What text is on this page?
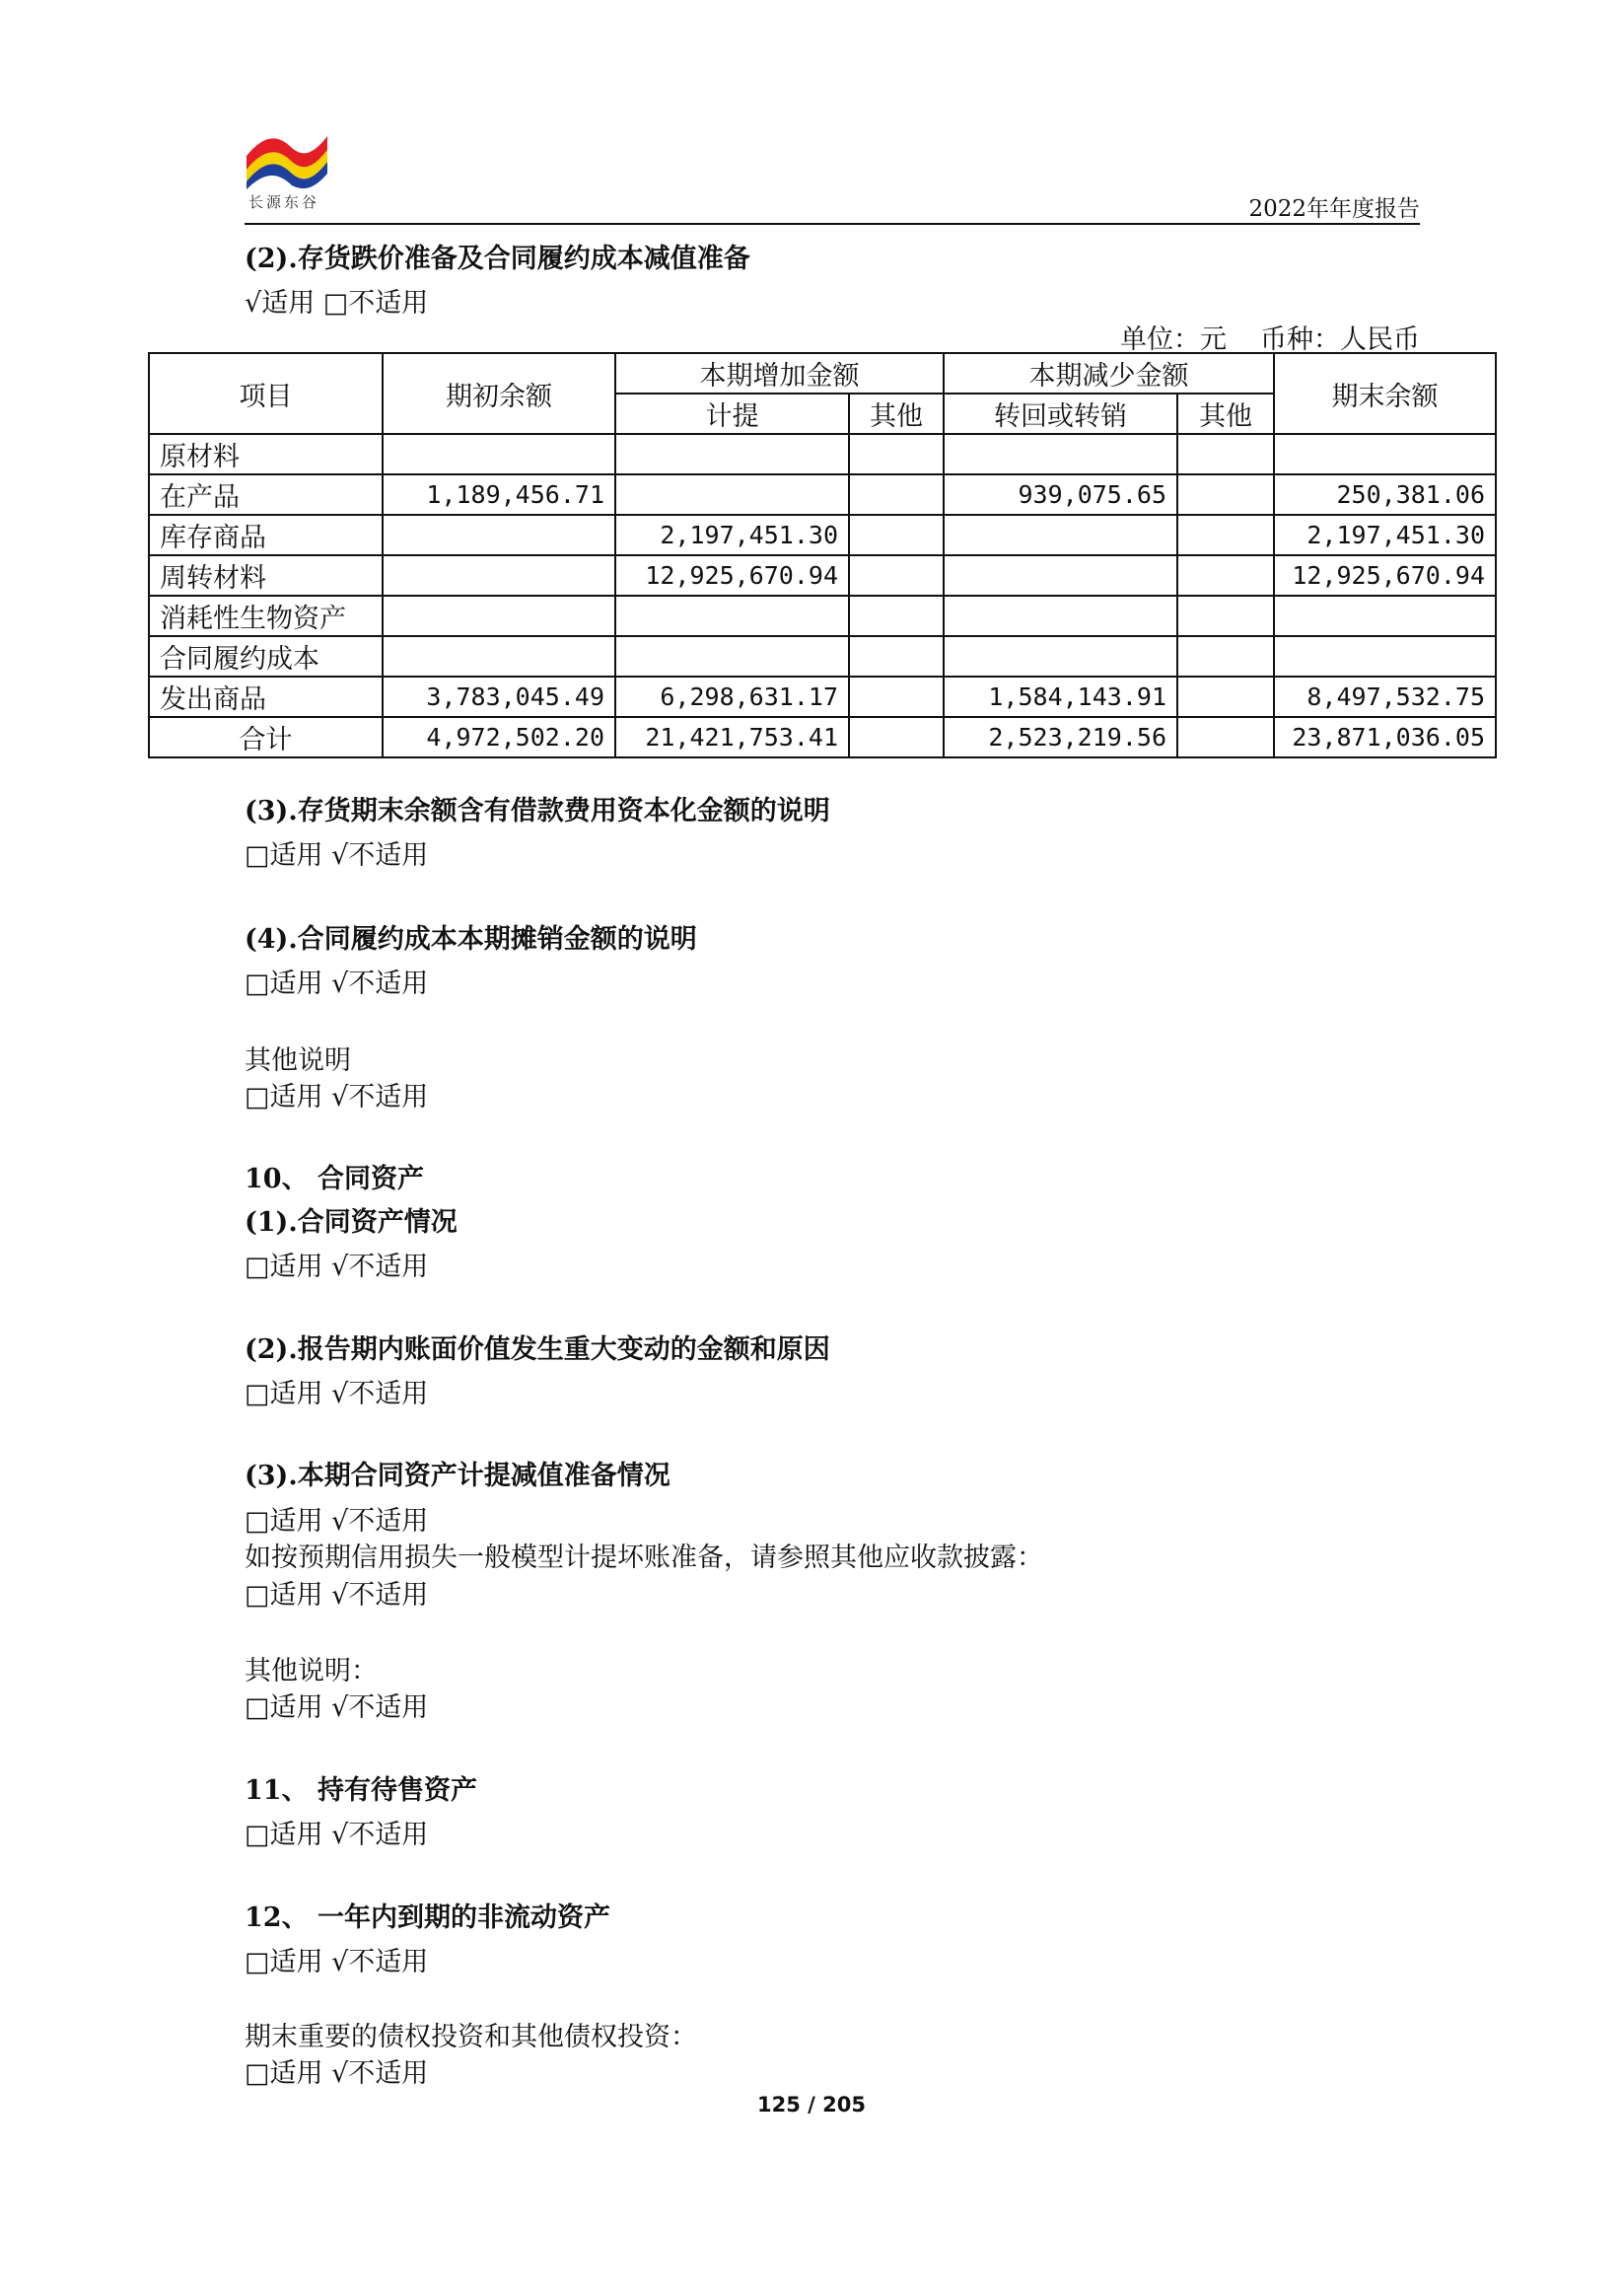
长源东谷	2022年年度报告
(2).存货跌价准备及合同履约成本减值准备
√适用 □不适用
单位：元 币种：人民币
项目	期初余额	本期增加金额		本期减少金额		期末余额
		计提	其他	转回或转销	其他	
原材料						
在产品	1,189,456.71			939,075.65		250,381.06
库存商品		2,197,451.30				2,197,451.30
周转材料		12,925,670.94				12,925,670.94
消耗性生物资产						
合同履约成本						
发出商品	3,783,045.49	6,298,631.17		1,584,143.91		8,497,532.75
合计	4,972,502.20	21,421,753.41		2,523,219.56		23,871,036.05
(3).存货期末余额含有借款费用资本化金额的说明
□适用 √不适用
(4).合同履约成本本期摊销金额的说明
□适用 √不适用
其他说明
□适用 √不适用
10、 合同资产
(1).合同资产情况
□适用 √不适用
(2).报告期内账面价值发生重大变动的金额和原因
□适用 √不适用
(3).本期合同资产计提减值准备情况
□适用 √不适用
如按预期信用损失一般模型计提坏账准备，请参照其他应收款披露：
□适用 √不适用
其他说明：
□适用 √不适用
11、 持有待售资产
□适用 √不适用
12、 一年内到期的非流动资产
□适用 √不适用
期末重要的债权投资和其他债权投资：
□适用 √不适用
125 / 205
